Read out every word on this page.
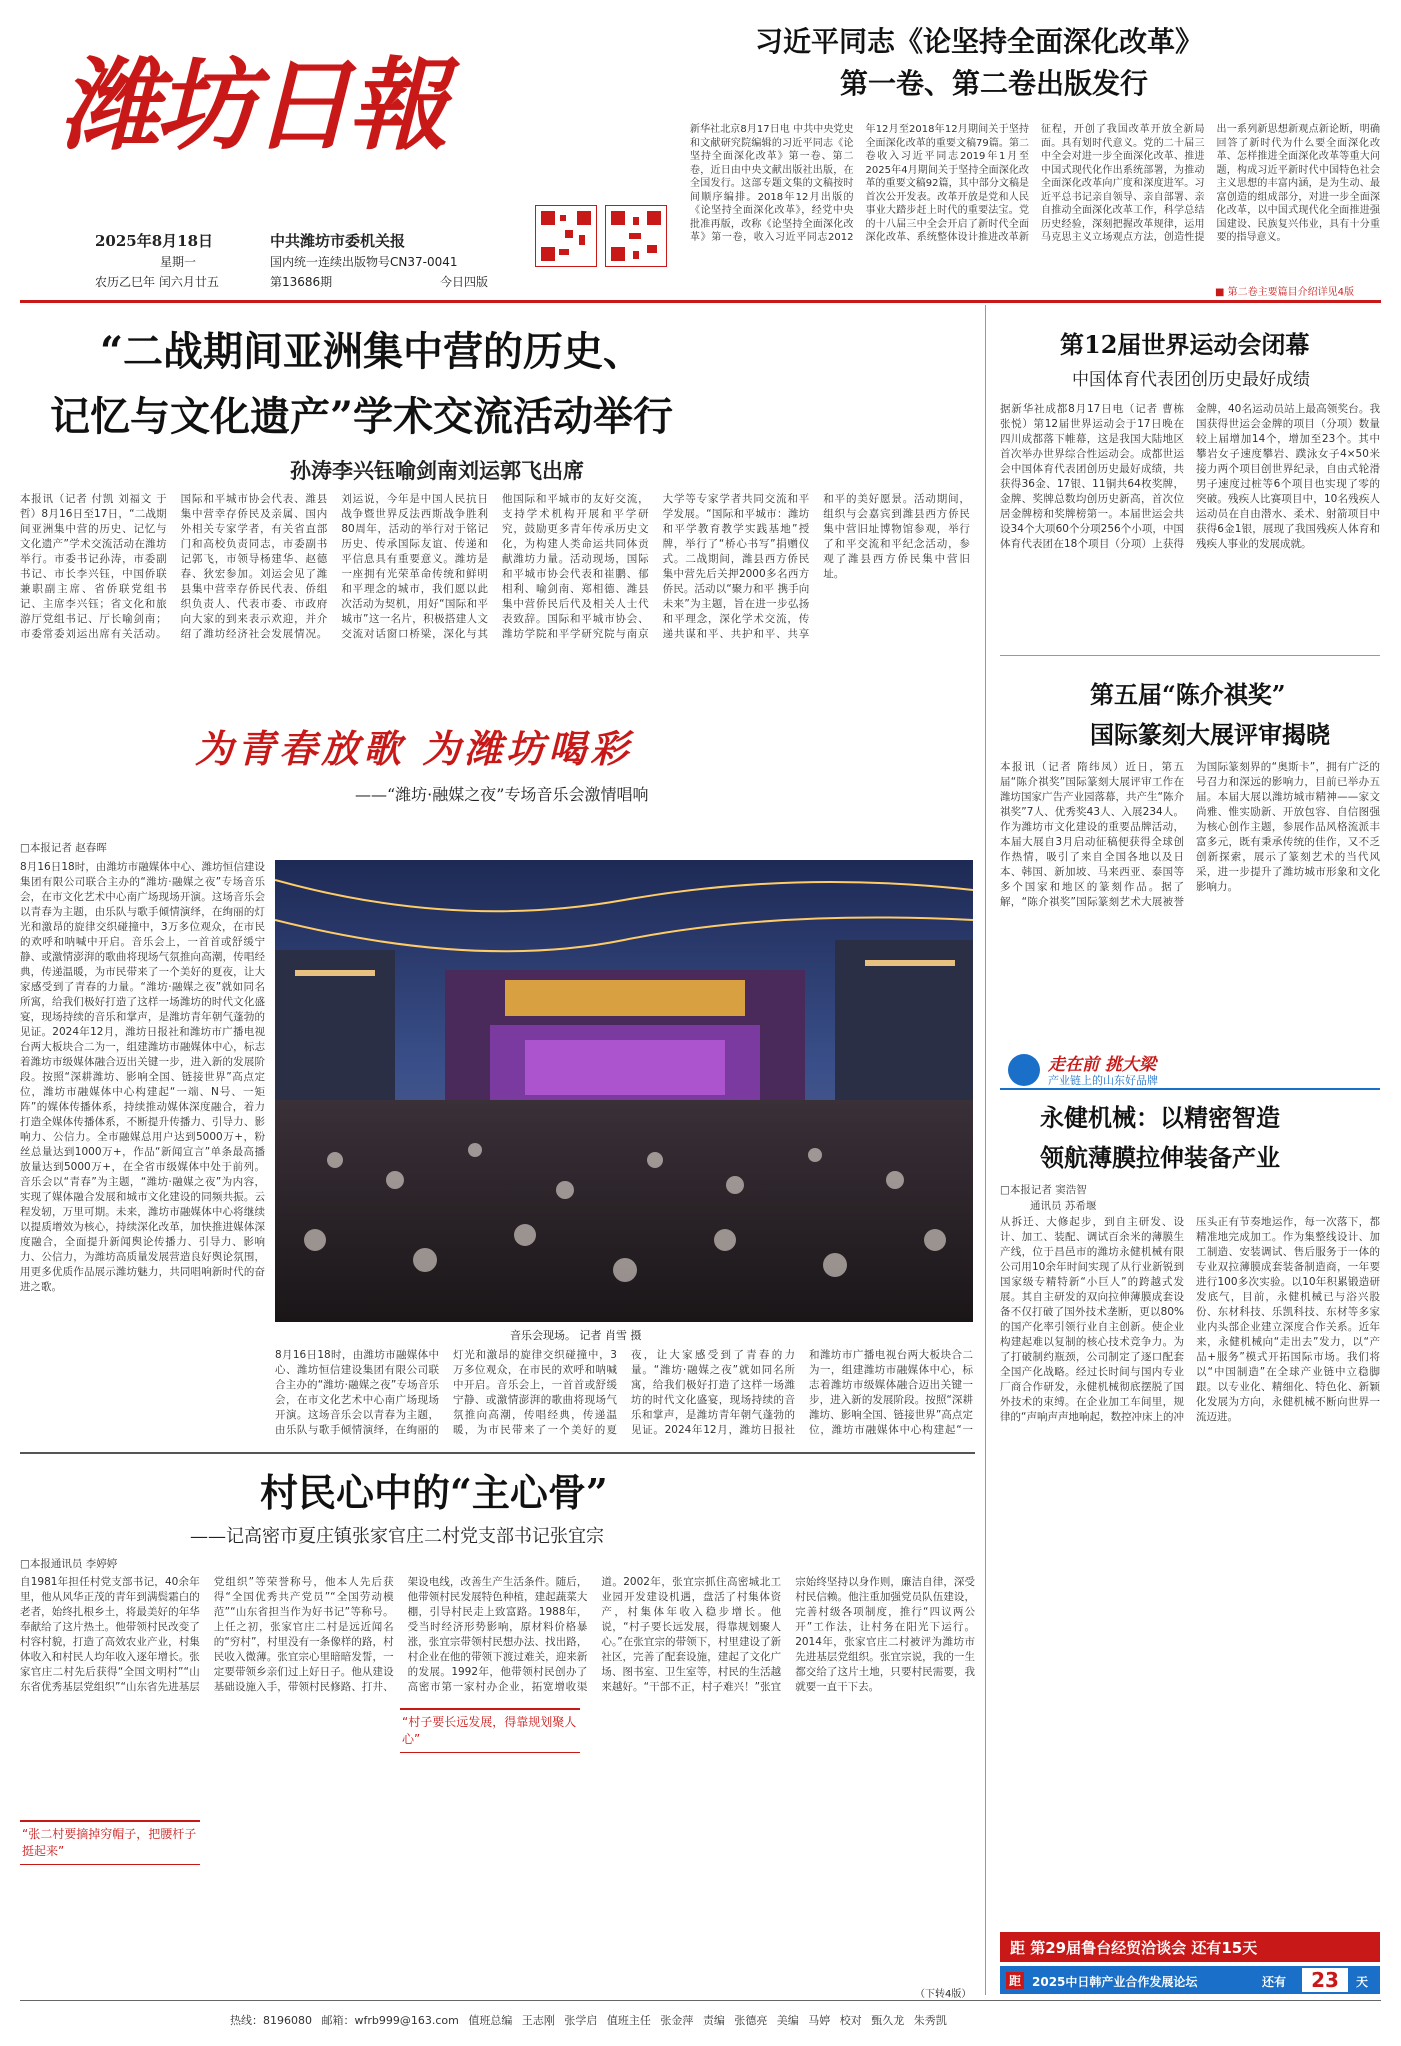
潍坊日報
2025年8月18日
星期一
农历乙巳年 闰六月廿五
中共潍坊市委机关报
国内统一连续出版物号CN37-0041
第13686期	今日四版
习近平同志《论坚持全面深化改革》
第一卷、第二卷出版发行
新华社北京8月17日电 中共中央党史和文献研究院编辑的习近平同志《论坚持全面深化改革》第一卷、第二卷，近日由中央文献出版社出版，在全国发行。这部专题文集的文稿按时间顺序编排。2018年12月出版的《论坚持全面深化改革》，经党中央批准再版，改称《论坚持全面深化改革》第一卷，收入习近平同志2012年12月至2018年12月期间关于坚持全面深化改革的重要文稿79篇。第二卷收入习近平同志2019年1月至2025年4月期间关于坚持全面深化改革的重要文稿92篇，其中部分文稿是首次公开发表。改革开放是党和人民事业大踏步赶上时代的重要法宝。党的十八届三中全会开启了新时代全面深化改革、系统整体设计推进改革新征程，开创了我国改革开放全新局面。具有划时代意义。党的二十届三中全会对进一步全面深化改革、推进中国式现代化作出系统部署，为推动全面深化改革向广度和深度进军。习近平总书记亲自领导、亲自部署、亲自推动全面深化改革工作，科学总结历史经验，深刻把握改革规律，运用马克思主义立场观点方法，创造性提出一系列新思想新观点新论断，明确回答了新时代为什么要全面深化改革、怎样推进全面深化改革等重大问题，构成习近平新时代中国特色社会主义思想的丰富内涵，是为生动、最富创造的组成部分，对进一步全面深化改革，以中国式现代化全面推进强国建设、民族复兴伟业，具有十分重要的指导意义。
■ 第二卷主要篇目介绍详见4版
“二战期间亚洲集中营的历史、
记忆与文化遗产”学术交流活动举行
孙涛李兴钰喻剑南刘运郭飞出席
本报讯（记者 付凯 刘福文 于哲）8月16日至17日，“二战期间亚洲集中营的历史、记忆与文化遗产”学术交流活动在潍坊举行。市委书记孙涛，市委副书记、市长李兴钰，中国侨联兼职副主席、省侨联党组书记、主席李兴钰；省文化和旅游厅党组书记、厅长喻剑南；市委常委刘运出席有关活动。国际和平城市协会代表、潍县集中营幸存侨民及亲属、国内外相关专家学者，有关省直部门和高校负责同志，市委副书记郭飞，市领导杨建华、赵德春、狄宏参加。刘运会见了潍县集中营幸存侨民代表、侨组织负责人、代表市委、市政府向大家的到来表示欢迎，并介绍了潍坊经济社会发展情况。刘运说，今年是中国人民抗日战争暨世界反法西斯战争胜利80周年，活动的举行对于铭记历史、传承国际友谊、传递和平信息具有重要意义。潍坊是一座拥有光荣革命传统和鲜明和平理念的城市，我们愿以此次活动为契机，用好“国际和平城市”这一名片，积极搭建人文交流对话窗口桥梁，深化与其他国际和平城市的友好交流，支持学术机构开展和平学研究，鼓励更多青年传承历史文化，为构建人类命运共同体贡献潍坊力量。活动现场，国际和平城市协会代表和崔鹏、郁相利、喻剑南、郑相德、潍县集中营侨民后代及相关人士代表致辞。国际和平城市协会、潍坊学院和平学研究院与南京大学等专家学者共同交流和平学发展。“国际和平城市：潍坊和平学教育教学实践基地”授牌，举行了“桥心书写”捐赠仪式。二战期间，潍县西方侨民集中营先后关押2000多名西方侨民。活动以“聚力和平 携手向未来”为主题，旨在进一步弘扬和平理念，深化学术交流，传递共谋和平、共护和平、共享和平的美好愿景。活动期间，组织与会嘉宾到潍县西方侨民集中营旧址博物馆参观，举行了和平交流和平纪念活动，参观了潍县西方侨民集中营旧址。
为青春放歌 为潍坊喝彩
——“潍坊·融媒之夜”专场音乐会激情唱响
□本报记者 赵春晖
8月16日18时，由潍坊市融媒体中心、潍坊恒信建设集团有限公司联合主办的“潍坊·融媒之夜”专场音乐会，在市文化艺术中心南广场现场开演。这场音乐会以青春为主题，由乐队与歌手倾情演绎，在绚丽的灯光和激昂的旋律交织碰撞中，3万多位观众，在市民的欢呼和呐喊中开启。音乐会上，一首首或舒缓宁静、或激情澎湃的歌曲将现场气氛推向高潮，传唱经典，传递温暖，为市民带来了一个美好的夏夜，让大家感受到了青春的力量。“潍坊·融媒之夜”就如同名所寓，给我们极好打造了这样一场潍坊的时代文化盛宴，现场持续的音乐和掌声，是潍坊青年朝气蓬勃的见证。2024年12月，潍坊日报社和潍坊市广播电视台两大板块合二为一，组建潍坊市融媒体中心，标志着潍坊市级媒体融合迈出关键一步，进入新的发展阶段。按照“深耕潍坊、影响全国、链接世界”高点定位，潍坊市融媒体中心构建起“一端、N号、一矩阵”的媒体传播体系，持续推动媒体深度融合，着力打造全媒体传播体系，不断提升传播力、引导力、影响力、公信力。全市融媒总用户达到5000万+，粉丝总量达到1000万+，作品“新闻宣言”单条最高播放量达到5000万+，在全省市级媒体中处于前列。音乐会以“青春”为主题，“潍坊·融媒之夜”为内容，实现了媒体融合发展和城市文化建设的同频共振。云程发轫，万里可期。未来，潍坊市融媒体中心将继续以提质增效为核心，持续深化改革，加快推进媒体深度融合，全面提升新闻舆论传播力、引导力、影响力、公信力，为潍坊高质量发展营造良好舆论氛围，用更多优质作品展示潍坊魅力，共同唱响新时代的奋进之歌。
音乐会现场。 记者 肖雪 摄
8月16日18时，由潍坊市融媒体中心、潍坊恒信建设集团有限公司联合主办的“潍坊·融媒之夜”专场音乐会，在市文化艺术中心南广场现场开演。这场音乐会以青春为主题，由乐队与歌手倾情演绎，在绚丽的灯光和激昂的旋律交织碰撞中，3万多位观众，在市民的欢呼和呐喊中开启。音乐会上，一首首或舒缓宁静、或激情澎湃的歌曲将现场气氛推向高潮，传唱经典，传递温暖，为市民带来了一个美好的夏夜，让大家感受到了青春的力量。“潍坊·融媒之夜”就如同名所寓，给我们极好打造了这样一场潍坊的时代文化盛宴，现场持续的音乐和掌声，是潍坊青年朝气蓬勃的见证。2024年12月，潍坊日报社和潍坊市广播电视台两大板块合二为一，组建潍坊市融媒体中心，标志着潍坊市级媒体融合迈出关键一步，进入新的发展阶段。按照“深耕潍坊、影响全国、链接世界”高点定位，潍坊市融媒体中心构建起“一
村民心中的“主心骨”
——记高密市夏庄镇张家官庄二村党支部书记张宜宗
□本报通讯员 李婷婷
自1981年担任村党支部书记，40余年里，他从风华正茂的青年到满鬓霜白的老者，始终扎根乡土，将最美好的年华奉献给了这片热土。他带领村民改变了村容村貌，打造了高效农业产业，村集体收入和村民人均年收入逐年增长。张家官庄二村先后获得“全国文明村”“山东省优秀基层党组织”“山东省先进基层党组织”等荣誉称号，他本人先后获得“全国优秀共产党员”“全国劳动模范”“山东省担当作为好书记”等称号。上任之初，张家官庄二村是远近闻名的“穷村”，村里没有一条像样的路，村民收入微薄。张宜宗心里暗暗发誓，一定要带领乡亲们过上好日子。他从建设基础设施入手，带领村民修路、打井、架设电线，改善生产生活条件。随后，他带领村民发展特色种植，建起蔬菜大棚，引导村民走上致富路。1988年，受当时经济形势影响，原材料价格暴涨，张宜宗带领村民想办法、找出路，村企业在他的带领下渡过难关，迎来新的发展。1992年，他带领村民创办了高密市第一家村办企业，拓宽增收渠道。2002年，张宜宗抓住高密城北工业园开发建设机遇，盘活了村集体资产，村集体年收入稳步增长。他说，“村子要长远发展，得靠规划聚人心。”在张宜宗的带领下，村里建设了新社区，完善了配套设施，建起了文化广场、图书室、卫生室等，村民的生活越来越好。“干部不正，村子难兴！”张宜宗始终坚持以身作则，廉洁自律，深受村民信赖。他注重加强党员队伍建设，完善村级各项制度，推行“四议两公开”工作法，让村务在阳光下运行。2014年，张家官庄二村被评为潍坊市先进基层党组织。张宜宗说，我的一生都交给了这片土地，只要村民需要，我就要一直干下去。
“张二村要摘掉穷帽子，把腰杆子挺起来”
“村子要长远发展，得靠规划聚人心”
（下转4版）
第12届世界运动会闭幕
中国体育代表团创历史最好成绩
据新华社成都8月17日电（记者 曹栋 张悦）第12届世界运动会于17日晚在四川成都落下帷幕，这是我国大陆地区首次举办世界综合性运动会。成都世运会中国体育代表团创历史最好成绩，共获得36金、17银、11铜共64枚奖牌，金牌、奖牌总数均创历史新高，首次位居金牌榜和奖牌榜第一。本届世运会共设34个大项60个分项256个小项，中国体育代表团在18个项目（分项）上获得金牌，40名运动员站上最高领奖台。我国获得世运会金牌的项目（分项）数量较上届增加14个，增加至23个。其中攀岩女子速度攀岩、蹼泳女子4×50米接力两个项目创世界纪录，自由式轮滑男子速度过桩等6个项目也实现了零的突破。残疾人比赛项目中，10名残疾人运动员在自由潜水、柔术、射箭项目中获得6金1银，展现了我国残疾人体育和残疾人事业的发展成就。
第五届“陈介祺奖”
国际篆刻大展评审揭晓
本报讯（记者 隋纬凤）近日，第五届“陈介祺奖”国际篆刻大展评审工作在潍坊国家广告产业园落幕，共产生“陈介祺奖”7人、优秀奖43人、入展234人。作为潍坊市文化建设的重要品牌活动，本届大展自3月启动征稿便获得全球创作热情，吸引了来自全国各地以及日本、韩国、新加坡、马来西亚、泰国等多个国家和地区的篆刻作品。据了解，“陈介祺奖”国际篆刻艺术大展被誉为国际篆刻界的“奥斯卡”，拥有广泛的号召力和深远的影响力，目前已举办五届。本届大展以潍坊城市精神——家文尚雅、惟实励新、开放包容、自信图强为核心创作主题，参展作品风格流派丰富多元，既有秉承传统的佳作，又不乏创新探索，展示了篆刻艺术的当代风采，进一步提升了潍坊城市形象和文化影响力。
走在前 挑大梁
产业链上的山东好品牌
永健机械：以精密智造
领航薄膜拉伸装备产业
□本报记者 窦浩智
通讯员 苏希堰
从拆迁、大修起步，到自主研发、设计、加工、装配、调试百余米的薄膜生产线，位于昌邑市的潍坊永健机械有限公司用10余年时间实现了从行业新锐到国家级专精特新“小巨人”的跨越式发展。其自主研发的双向拉伸薄膜成套设备不仅打破了国外技术垄断，更以80%的国产化率引领行业自主创新。使企业构建起难以复制的核心技术竞争力。为了打破制约瓶颈，公司制定了逐口配套全国产化战略。经过长时间与国内专业厂商合作研发，永健机械彻底摆脱了国外技术的束缚。在企业加工车间里，规律的“声响声声地响起，数控冲床上的冲压头正有节奏地运作，每一次落下，都精准地完成加工。作为集整线设计、加工制造、安装调试、售后服务于一体的专业双拉薄膜成套装备制造商，一年要进行100多次实验。以10年积累锻造研发底气，目前，永健机械已与浴兴股份、东材科技、乐凯科技、东材等多家业内头部企业建立深度合作关系。近年来，永健机械向“走出去”发力，以“产品+服务”模式开拓国际市场。我们将以“中国制造”在全球产业链中立稳脚跟。以专业化、精细化、特色化、新颖化发展为方向，永健机械不断向世界一流迈进。
距 第29届鲁台经贸洽谈会 还有15天
距 2025中日韩产业合作发展论坛	还有	23	天
热线：8196080 邮箱：wfrb999@163.com 值班总编 王志刚 张学启 值班主任 张金萍 责编 张德亮 美编 马婷 校对 甄久龙 朱秀凯
